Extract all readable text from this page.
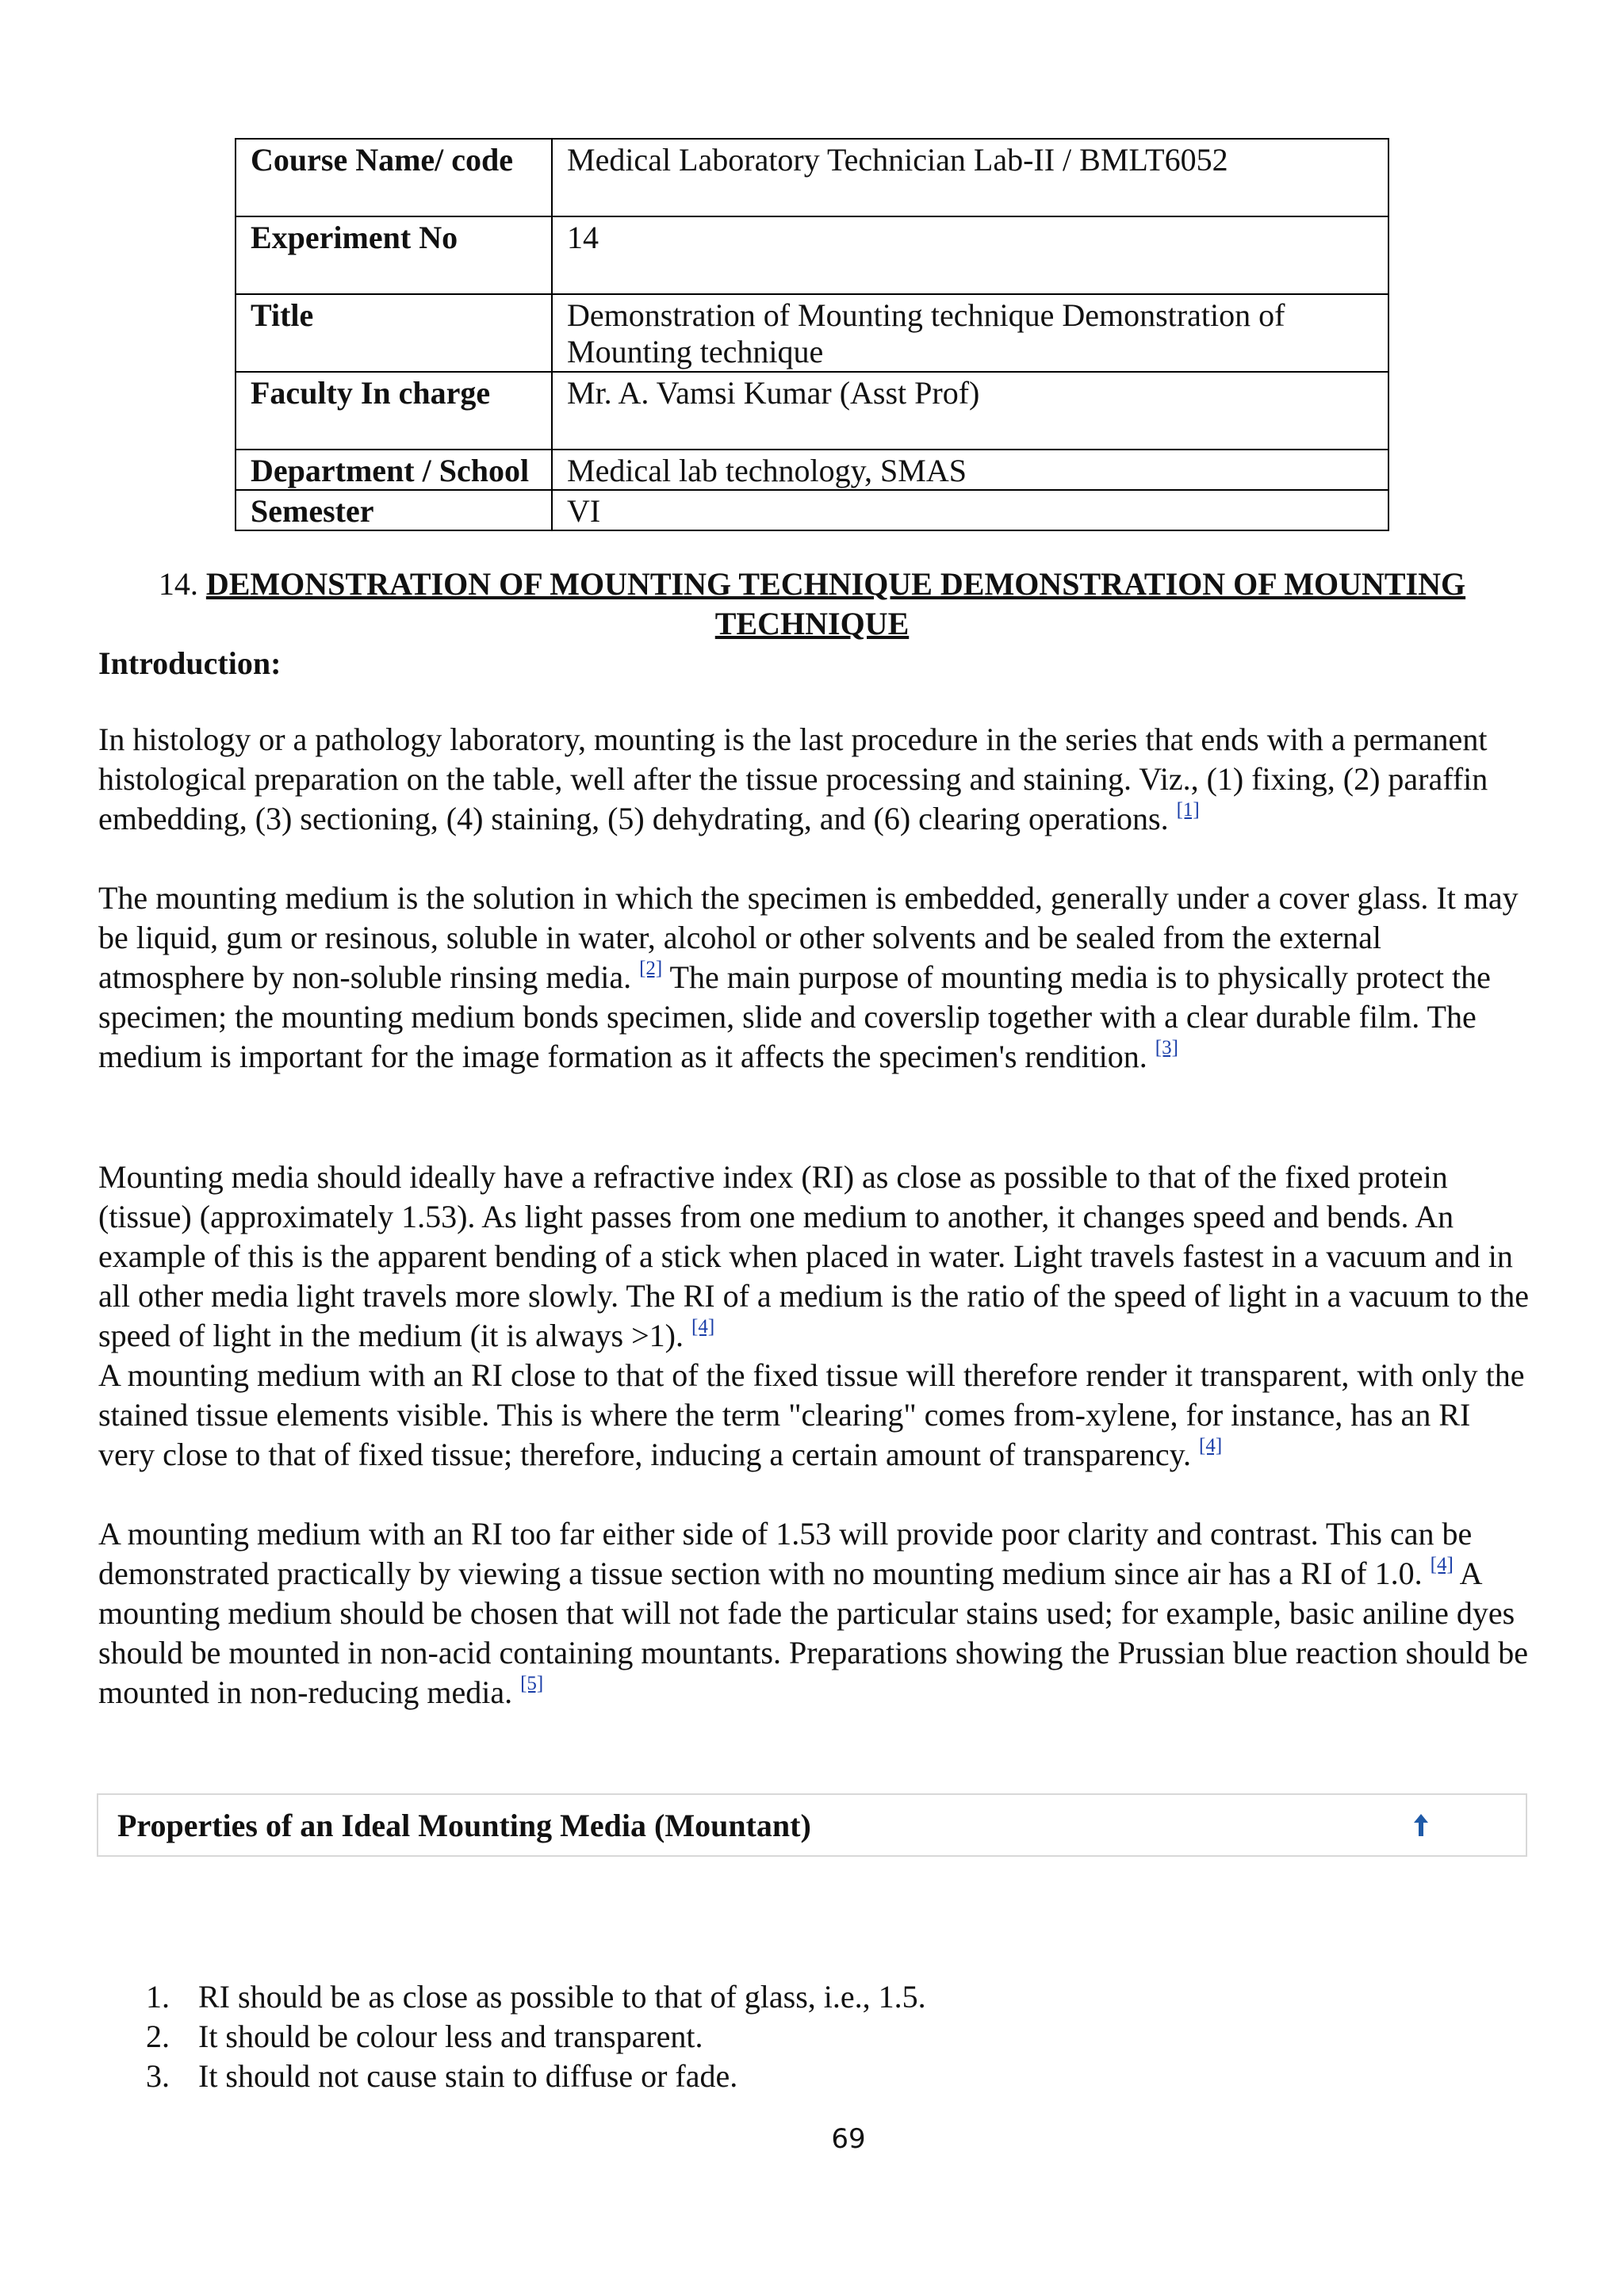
Course Name/ code	Medical Laboratory Technician Lab-II / BMLT6052
Experiment No	14
Title	Demonstration of Mounting technique Demonstration of Mounting technique
Faculty In charge	Mr. A. Vamsi Kumar (Asst Prof)
Department / School	Medical lab technology, SMAS
Semester	VI
14. DEMONSTRATION OF MOUNTING TECHNIQUE DEMONSTRATION OF MOUNTING TECHNIQUE
Introduction:

In histology or a pathology laboratory, mounting is the last procedure in the series that ends with a permanent histological preparation on the table, well after the tissue processing and staining. Viz., (1) fixing, (2) paraffin embedding, (3) sectioning, (4) staining, (5) dehydrating, and (6) clearing operations. [1]

The mounting medium is the solution in which the specimen is embedded, generally under a cover glass. It may be liquid, gum or resinous, soluble in water, alcohol or other solvents and be sealed from the external atmosphere by non-soluble rinsing media. [2] The main purpose of mounting media is to physically protect the specimen; the mounting medium bonds specimen, slide and coverslip together with a clear durable film. The medium is important for the image formation as it affects the specimen's rendition. [3]

Mounting media should ideally have a refractive index (RI) as close as possible to that of the fixed protein (tissue) (approximately 1.53). As light passes from one medium to another, it changes speed and bends. An example of this is the apparent bending of a stick when placed in water. Light travels fastest in a vacuum and in all other media light travels more slowly. The RI of a medium is the ratio of the speed of light in a vacuum to the speed of light in the medium (it is always >1). [4]

A mounting medium with an RI close to that of the fixed tissue will therefore render it transparent, with only the stained tissue elements visible. This is where the term "clearing" comes from-xylene, for instance, has an RI very close to that of fixed tissue; therefore, inducing a certain amount of transparency. [4]

A mounting medium with an RI too far either side of 1.53 will provide poor clarity and contrast. This can be demonstrated practically by viewing a tissue section with no mounting medium since air has a RI of 1.0. [4] A mounting medium should be chosen that will not fade the particular stains used; for example, basic aniline dyes should be mounted in non-acid containing mountants. Preparations showing the Prussian blue reaction should be mounted in non-reducing media. [5]

Properties of an Ideal Mounting Media (Mountant)
1. RI should be as close as possible to that of glass, i.e., 1.5.
2. It should be colour less and transparent.
3. It should not cause stain to diffuse or fade.
69
